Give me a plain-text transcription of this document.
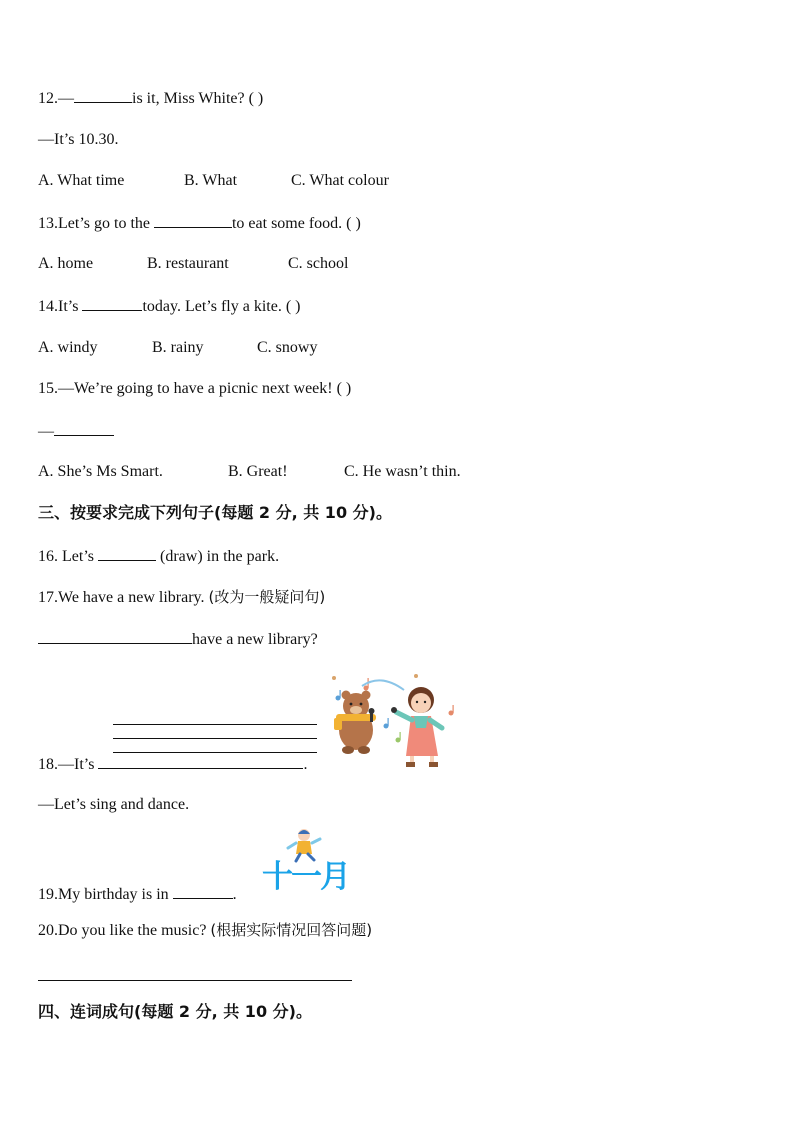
12.—	is it, Miss White? ( )
—It’s 10.30.
A. What time	B. What	C. What colour
13.Let’s go to the	to eat some food. ( )
A. home	B. restaurant	C. school
14.It’s	today. Let’s fly a kite. ( )
A. windy	B. rainy	C. snowy
15.—We’re going to have a picnic next week! ( )
—
A. She’s Ms Smart.	B. Great!	C. He wasn’t thin.
三、按要求完成下列句子(每题 2 分, 共 10 分)。
16. Let’s	(draw) in the park.
17.We have a new library. (改为一般疑问句)
have a new library?
18.—It’s	.
—Let’s sing and dance.
19.My birthday is in	. 十一月
20.Do you like the music? (根据实际情况回答问题)
四、连词成句(每题 2 分, 共 10 分)。
